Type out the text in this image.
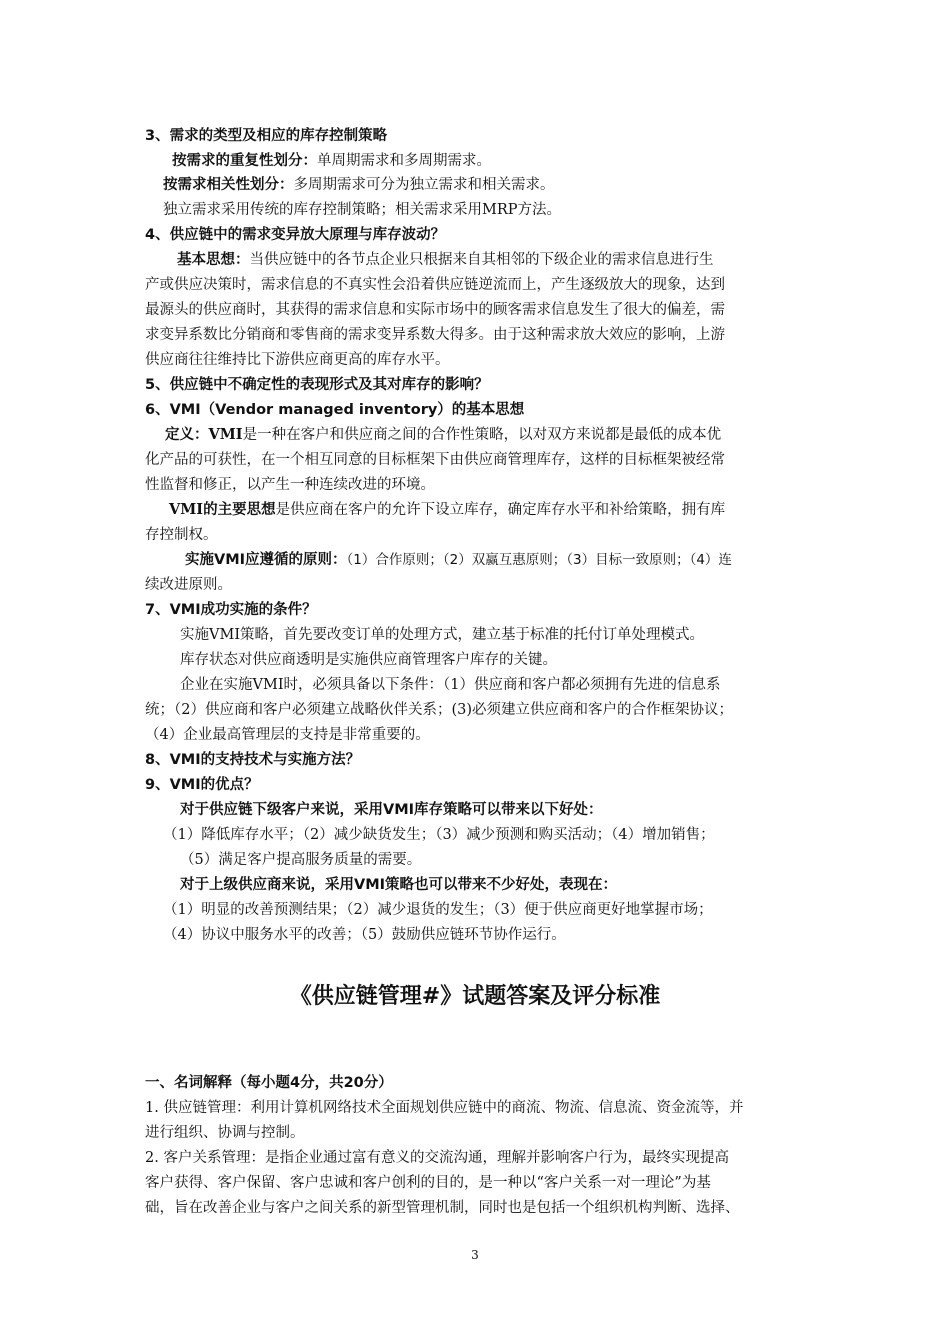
3、需求的类型及相应的库存控制策略
按需求的重复性划分：单周期需求和多周期需求。
按需求相关性划分：多周期需求可分为独立需求和相关需求。
独立需求采用传统的库存控制策略；相关需求采用MRP方法。
4、供应链中的需求变异放大原理与库存波动？
基本思想：当供应链中的各节点企业只根据来自其相邻的下级企业的需求信息进行生
产或供应决策时，需求信息的不真实性会沿着供应链逆流而上，产生逐级放大的现象，达到
最源头的供应商时，其获得的需求信息和实际市场中的顾客需求信息发生了很大的偏差，需
求变异系数比分销商和零售商的需求变异系数大得多。由于这种需求放大效应的影响，上游
供应商往往维持比下游供应商更高的库存水平。
5、供应链中不确定性的表现形式及其对库存的影响？
6、VMI（Vendor managed inventory）的基本思想
定义：VMI是一种在客户和供应商之间的合作性策略，以对双方来说都是最低的成本优
化产品的可获性，在一个相互同意的目标框架下由供应商管理库存，这样的目标框架被经常
性监督和修正，以产生一种连续改进的环境。
VMI的主要思想是供应商在客户的允许下设立库存，确定库存水平和补给策略，拥有库
存控制权。
实施VMI应遵循的原则：（1）合作原则；（2）双赢互惠原则；（3）目标一致原则；（4）连
续改进原则。
7、VMI成功实施的条件？
实施VMI策略，首先要改变订单的处理方式，建立基于标准的托付订单处理模式。
库存状态对供应商透明是实施供应商管理客户库存的关键。
企业在实施VMI时，必须具备以下条件：（1）供应商和客户都必须拥有先进的信息系
统；（2）供应商和客户必须建立战略伙伴关系；(3)必须建立供应商和客户的合作框架协议；
（4）企业最高管理层的支持是非常重要的。
8、VMI的支持技术与实施方法？
9、VMI的优点？
对于供应链下级客户来说，采用VMI库存策略可以带来以下好处：
（1）降低库存水平；（2）减少缺货发生；（3）减少预测和购买活动；（4）增加销售；
（5）满足客户提高服务质量的需要。
对于上级供应商来说，采用VMI策略也可以带来不少好处，表现在：
（1）明显的改善预测结果；（2）减少退货的发生；（3）便于供应商更好地掌握市场；
（4）协议中服务水平的改善；（5）鼓励供应链环节协作运行。
《供应链管理#》试题答案及评分标准
一、名词解释（每小题4分，共20分）
1. 供应链管理：利用计算机网络技术全面规划供应链中的商流、物流、信息流、资金流等，并
进行组织、协调与控制。
2. 客户关系管理：是指企业通过富有意义的交流沟通，理解并影响客户行为，最终实现提高
客户获得、客户保留、客户忠诚和客户创利的目的，是一种以“客户关系一对一理论”为基
础，旨在改善企业与客户之间关系的新型管理机制，同时也是包括一个组织机构判断、选择、
3
